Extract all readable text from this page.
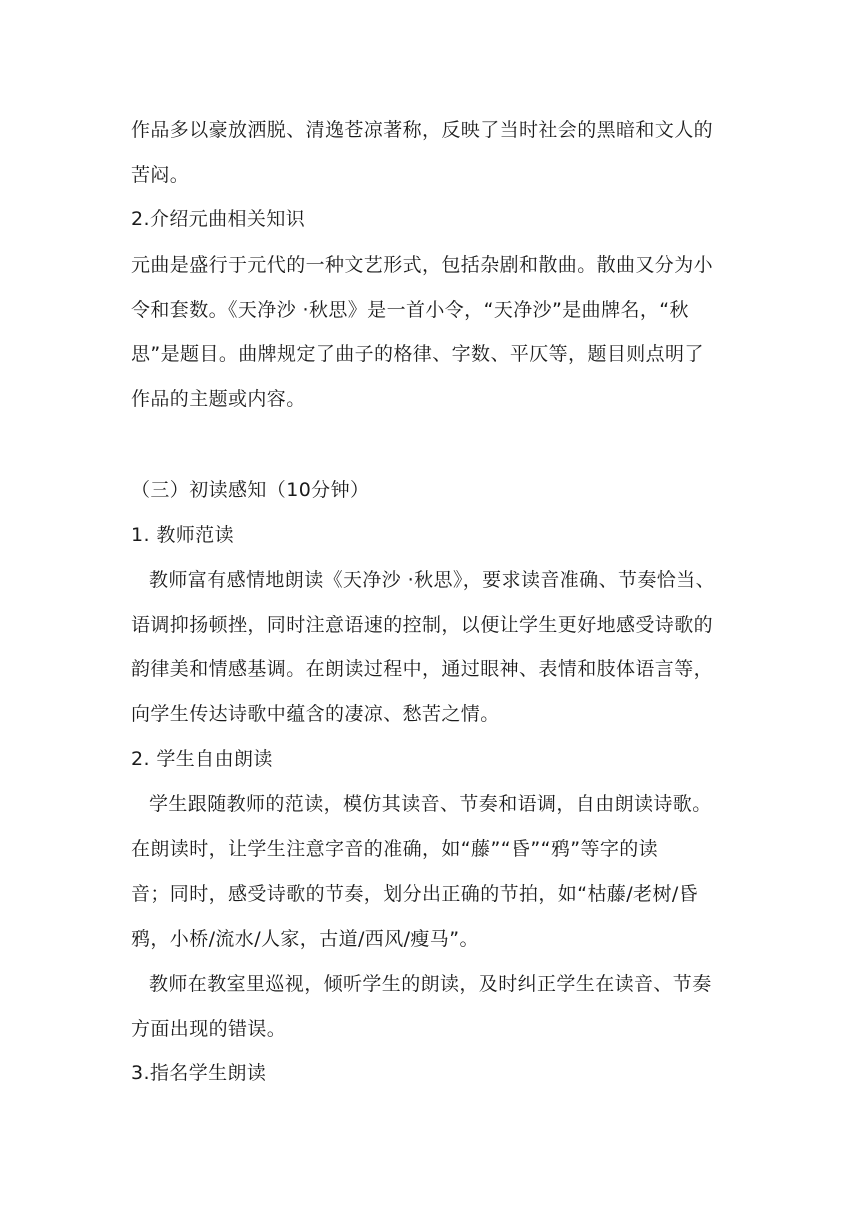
作品多以豪放洒脱、清逸苍凉著称，反映了当时社会的黑暗和文人的
苦闷。
2.介绍元曲相关知识
元曲是盛行于元代的一种文艺形式，包括杂剧和散曲。散曲又分为小
令和套数。《天净沙 ·秋思》是一首小令，“天净沙”是曲牌名，“秋
思”是题目。曲牌规定了曲子的格律、字数、平仄等，题目则点明了
作品的主题或内容。
（三）初读感知（10分钟）
1. 教师范读
教师富有感情地朗读《天净沙 ·秋思》，要求读音准确、节奏恰当、
语调抑扬顿挫，同时注意语速的控制，以便让学生更好地感受诗歌的
韵律美和情感基调。在朗读过程中，通过眼神、表情和肢体语言等，
向学生传达诗歌中蕴含的凄凉、愁苦之情。
2. 学生自由朗读
学生跟随教师的范读，模仿其读音、节奏和语调，自由朗读诗歌。
在朗读时，让学生注意字音的准确，如“藤”“昏”“鸦”等字的读
音；同时，感受诗歌的节奏，划分出正确的节拍，如“枯藤/老树/昏
鸦，小桥/流水/人家，古道/西风/瘦马”。
教师在教室里巡视，倾听学生的朗读，及时纠正学生在读音、节奏
方面出现的错误。
3.指名学生朗读
